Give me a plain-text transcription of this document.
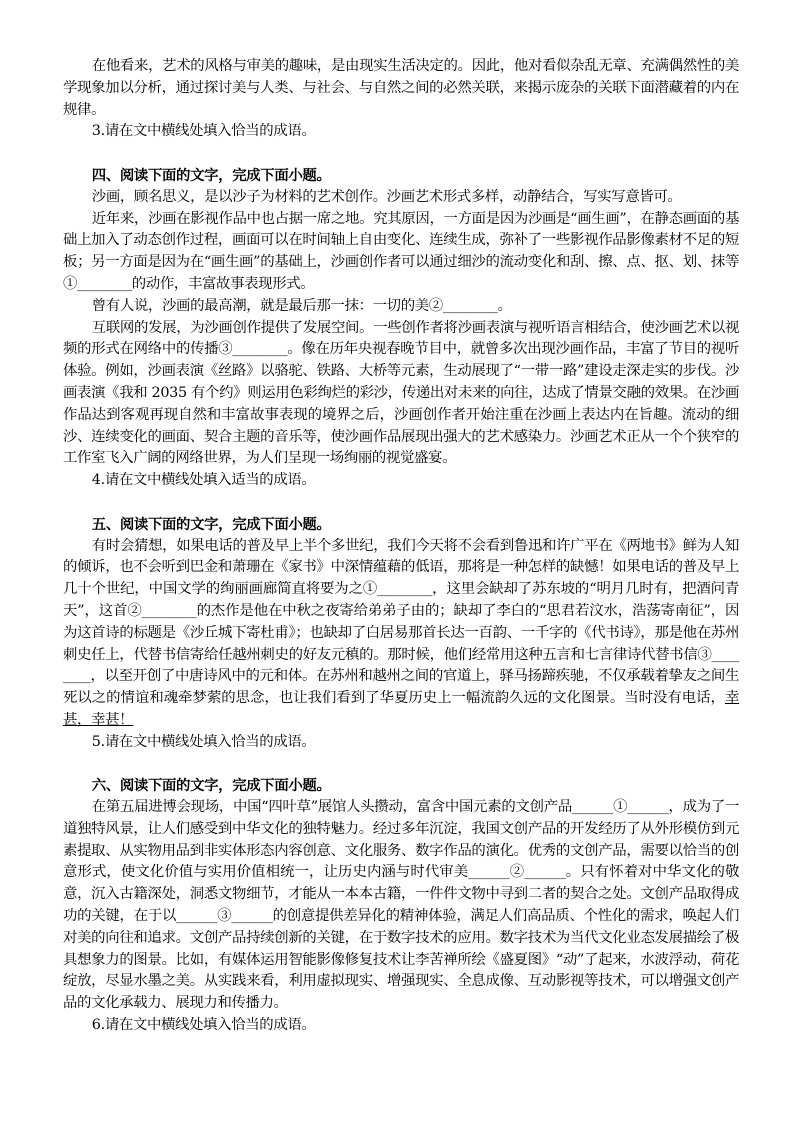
在他看来，艺术的风格与审美的趣味，是由现实生活决定的。因此，他对看似杂乱无章、充满偶然性的美学现象加以分析，通过探讨美与人类、与社会、与自然之间的必然关联，来揭示庞杂的关联下面潜藏着的内在规律。

3.请在文中横线处填入恰当的成语。

四、阅读下面的文字，完成下面小题。

沙画，顾名思义，是以沙子为材料的艺术创作。沙画艺术形式多样，动静结合，写实写意皆可。

近年来，沙画在影视作品中也占据一席之地。究其原因，一方面是因为沙画是“画生画”，在静态画面的基础上加入了动态创作过程，画面可以在时间轴上自由变化、连续生成，弥补了一些影视作品影像素材不足的短板；另一方面是因为在“画生画”的基础上，沙画创作者可以通过细沙的流动变化和刮、擦、点、抠、划、抹等①________的动作，丰富故事表现形式。

曾有人说，沙画的最高潮，就是最后那一抹：一切的美②________。

互联网的发展，为沙画创作提供了发展空间。一些创作者将沙画表演与视听语言相结合，使沙画艺术以视频的形式在网络中的传播③________。像在历年央视春晚节目中，就曾多次出现沙画作品，丰富了节目的视听体验。例如，沙画表演《丝路》以骆驼、铁路、大桥等元素，生动展现了“一带一路”建设走深走实的步伐。沙画表演《我和 2035 有个约》则运用色彩绚烂的彩沙，传递出对未来的向往，达成了情景交融的效果。在沙画作品达到客观再现自然和丰富故事表现的境界之后，沙画创作者开始注重在沙画上表达内在旨趣。流动的细沙、连续变化的画面、契合主题的音乐等，使沙画作品展现出强大的艺术感染力。沙画艺术正从一个个狭窄的工作室飞入广阔的网络世界，为人们呈现一场绚丽的视觉盛宴。

4.请在文中横线处填入适当的成语。

五、阅读下面的文字，完成下面小题。

有时会猜想，如果电话的普及早上半个多世纪，我们今天将不会看到鲁迅和许广平在《两地书》鲜为人知的倾诉，也不会听到巴金和萧珊在《家书》中深情蕴藉的低语，那将是一种怎样的缺憾！如果电话的普及早上几十个世纪，中国文学的绚丽画廊简直将要为之①________，这里会缺却了苏东坡的“明月几时有，把酒问青天”，这首②________的杰作是他在中秋之夜寄给弟弟子由的；缺却了李白的“思君若汶水，浩荡寄南征”，因为这首诗的标题是《沙丘城下寄杜甫》；也缺却了白居易那首长达一百韵、一千字的《代书诗》，那是他在苏州刺史任上，代替书信寄给任越州刺史的好友元稹的。那时候，他们经常用这种五言和七言律诗代替书信③________，以至开创了中唐诗风中的元和体。在苏州和越州之间的官道上，驿马扬蹄疾驰，不仅承载着挚友之间生死以之的情谊和魂牵梦萦的思念，也让我们看到了华夏历史上一幅流韵久远的文化图景。当时没有电话，幸甚，幸甚！

5.请在文中横线处填入恰当的成语。

六、阅读下面的文字，完成下面小题。

在第五届进博会现场，中国“四叶草”展馆人头攒动，富含中国元素的文创产品______①______，成为了一道独特风景，让人们感受到中华文化的独特魅力。经过多年沉淀，我国文创产品的开发经历了从外形模仿到元素提取、从实物用品到非实体形态内容创意、文化服务、数字作品的演化。优秀的文创产品，需要以恰当的创意形式，使文化价值与实用价值相统一，让历史内涵与时代审美______②______。只有怀着对中华文化的敬意，沉入古籍深处，洞悉文物细节，才能从一本本古籍，一件件文物中寻到二者的契合之处。文创产品取得成功的关键，在于以______③______的创意提供差异化的精神体验，满足人们高品质、个性化的需求，唤起人们对美的向往和追求。文创产品持续创新的关键，在于数字技术的应用。数字技术为当代文化业态发展描绘了极具想象力的图景。比如，有媒体运用智能影像修复技术让李苦禅所绘《盛夏图》“动”了起来，水波浮动，荷花绽放，尽显水墨之美。从实践来看，利用虚拟现实、增强现实、全息成像、互动影视等技术，可以增强文创产品的文化承载力、展现力和传播力。

6.请在文中横线处填入恰当的成语。
